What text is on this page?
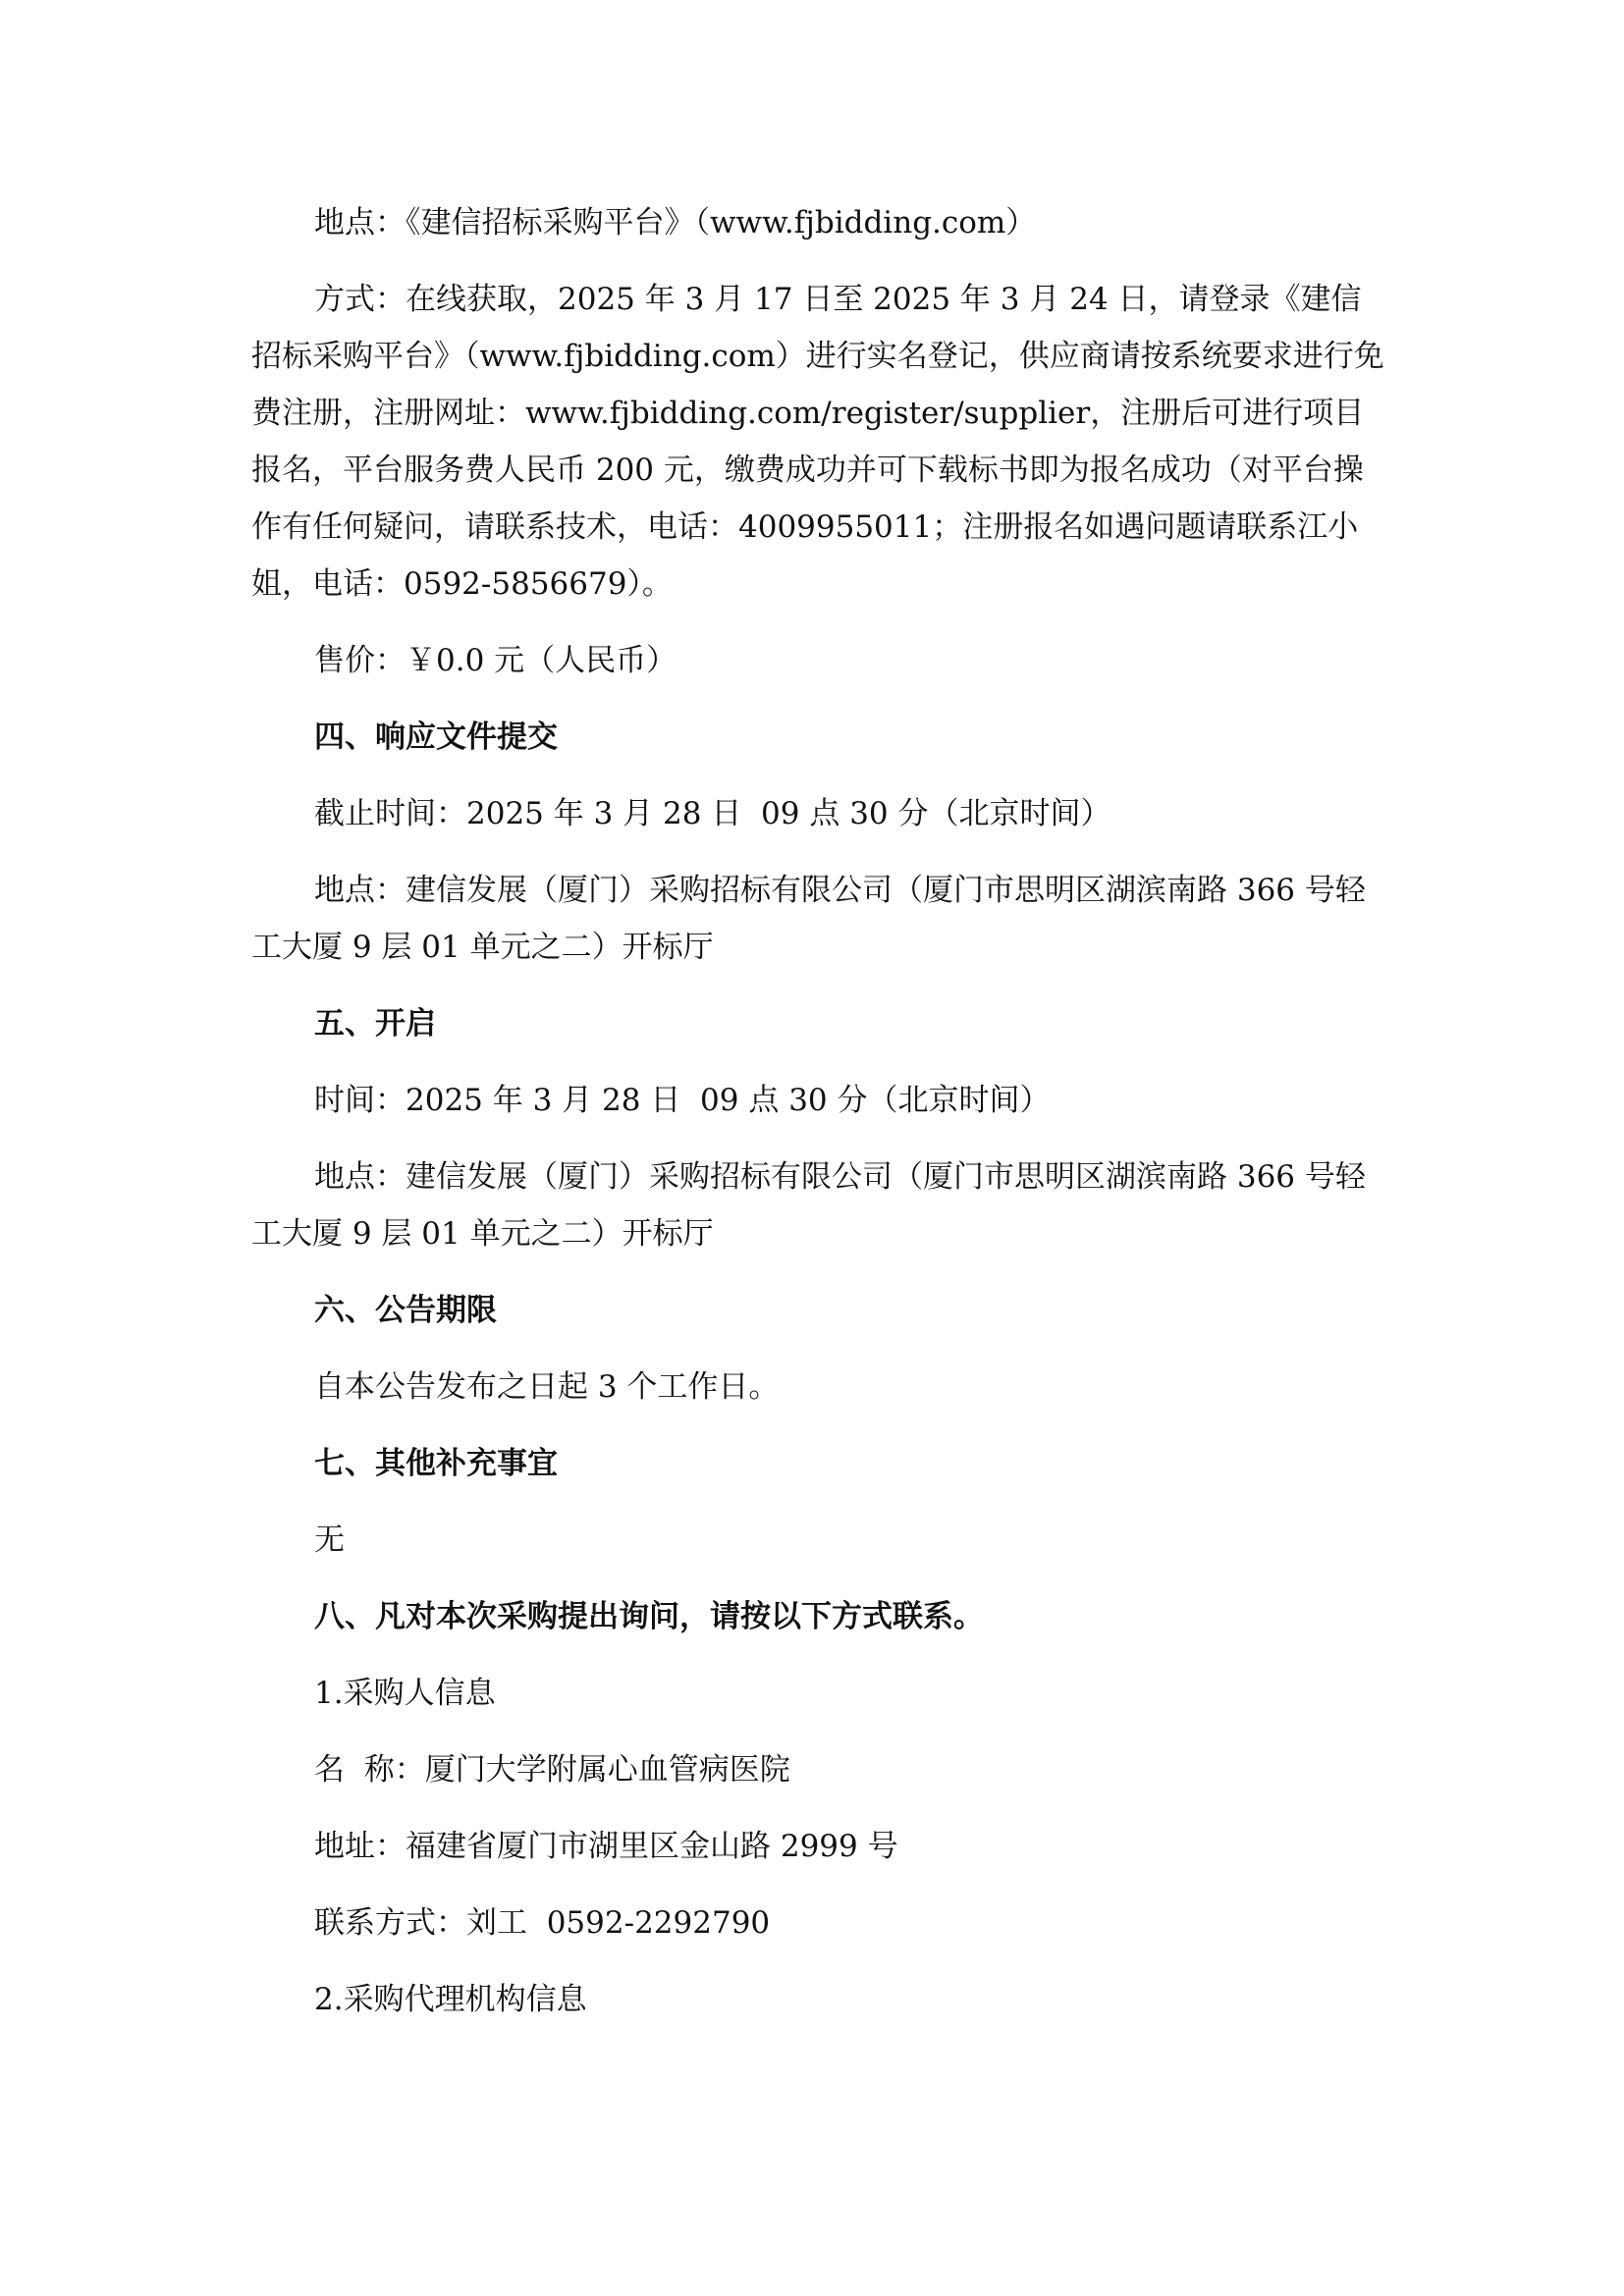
地点：《建信招标采购平台》（www.fjbidding.com）

方式：在线获取，2025 年 3 月 17 日至 2025 年 3 月 24 日，请登录《建信招标采购平台》（www.fjbidding.com）进行实名登记，供应商请按系统要求进行免费注册，注册网址：www.fjbidding.com/register/supplier，注册后可进行项目报名，平台服务费人民币 200 元，缴费成功并可下载标书即为报名成功（对平台操作有任何疑问，请联系技术，电话：4009955011；注册报名如遇问题请联系江小姐，电话：0592-5856679）。

售价：￥0.0 元（人民币）

四、响应文件提交

截止时间：2025 年 3 月 28 日  09 点 30 分（北京时间）

地点：建信发展（厦门）采购招标有限公司（厦门市思明区湖滨南路 366 号轻工大厦 9 层 01 单元之二）开标厅

五、开启

时间：2025 年 3 月 28 日  09 点 30 分（北京时间）

地点：建信发展（厦门）采购招标有限公司（厦门市思明区湖滨南路 366 号轻工大厦 9 层 01 单元之二）开标厅

六、公告期限

自本公告发布之日起 3 个工作日。

七、其他补充事宜

无

八、凡对本次采购提出询问，请按以下方式联系。

1.采购人信息

名  称：厦门大学附属心血管病医院

地址：福建省厦门市湖里区金山路 2999 号

联系方式：刘工  0592-2292790

2.采购代理机构信息
